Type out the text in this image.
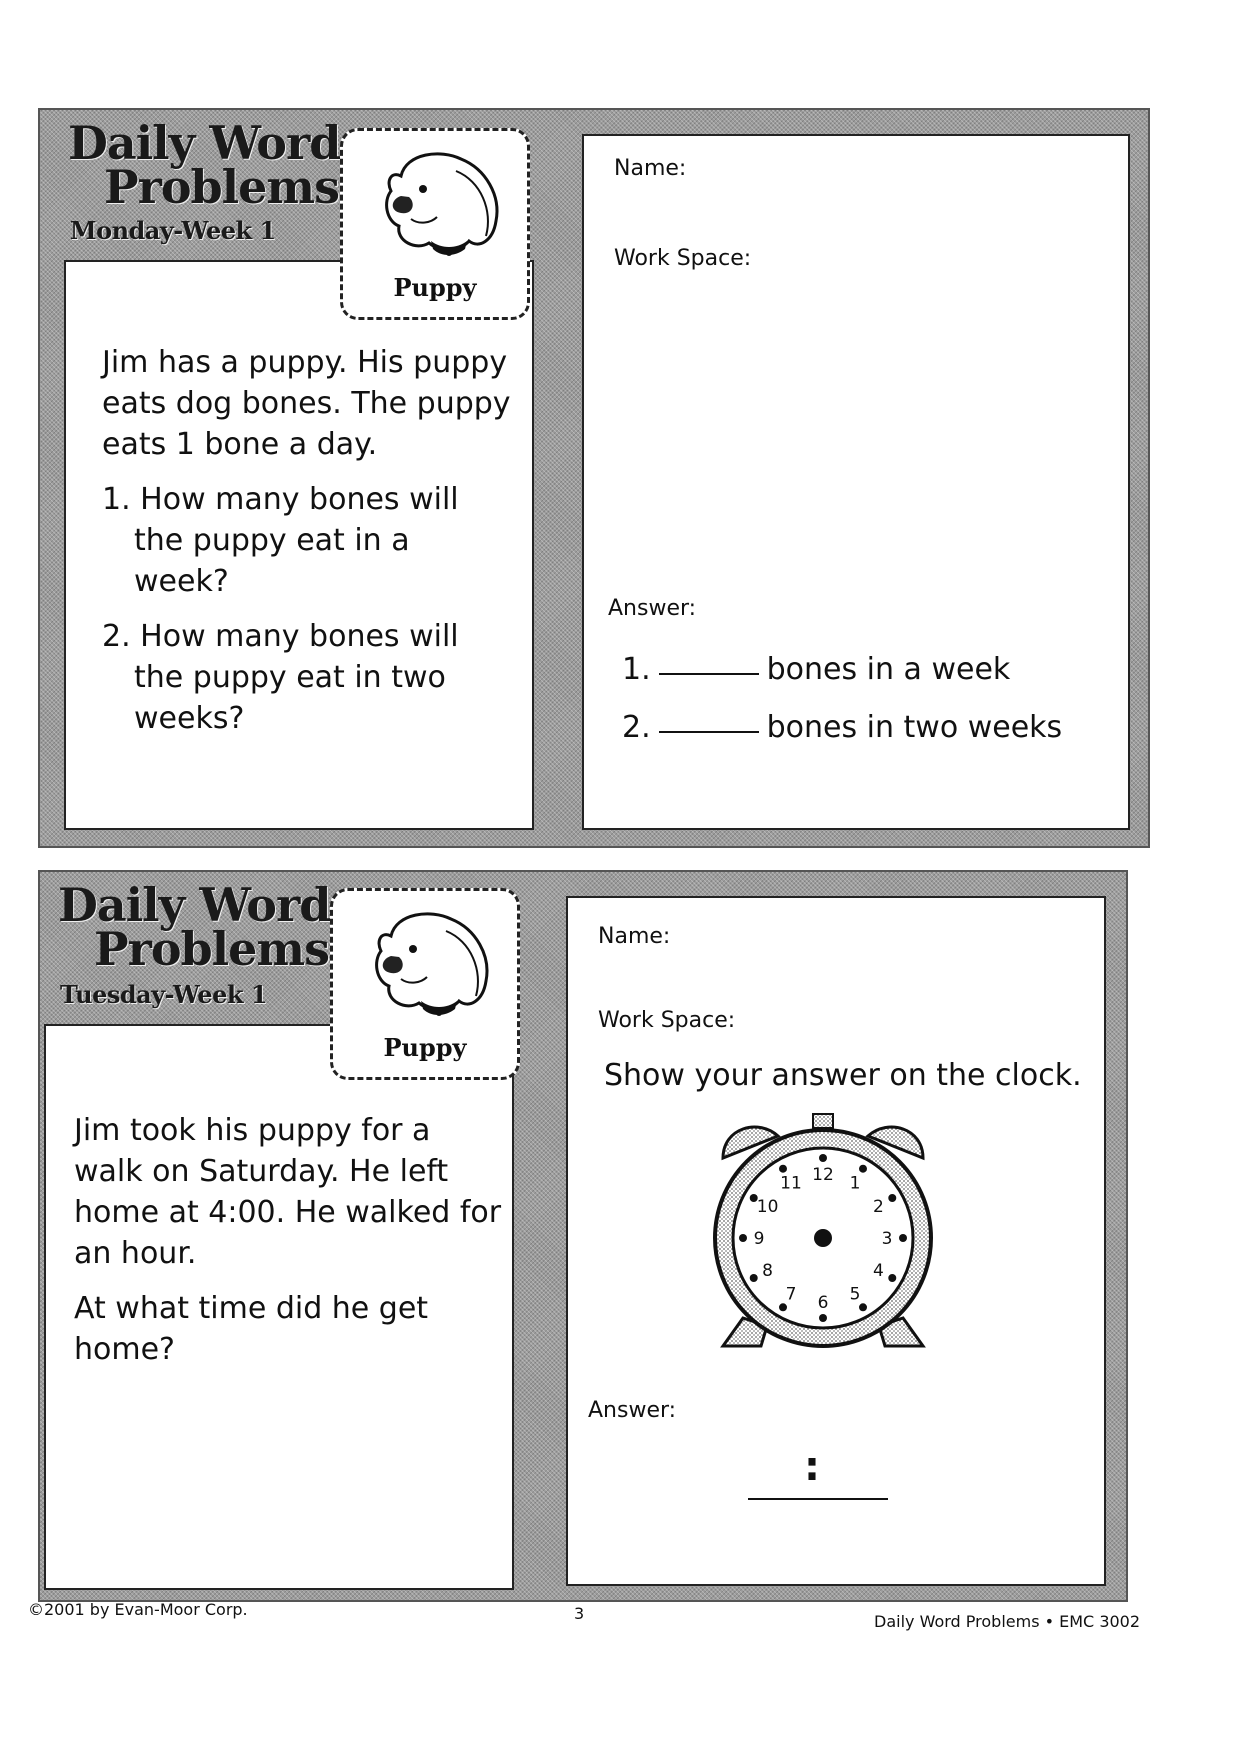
Daily Word
Problems
Monday-Week 1

Jim has a puppy. His puppy eats dog bones. The puppy eats 1 bone a day.

1. How many bones will the puppy eat in a week?

2. How many bones will the puppy eat in two weeks?

Puppy
Name:
Work Space:
Answer:
1.	bones in a week
2.	bones in two weeks
Daily Word
Problems
Tuesday-Week 1

Jim took his puppy for a walk on Saturday. He left home at 4:00. He walked for an hour.

At what time did he get home?

Puppy
Name:
Work Space:
Show your answer on the clock.
12 1
2
3
4
5
6
7
8
9
10
11
Answer:
:
©2001 by Evan-Moor Corp.	3	Daily Word Problems • EMC 3002
